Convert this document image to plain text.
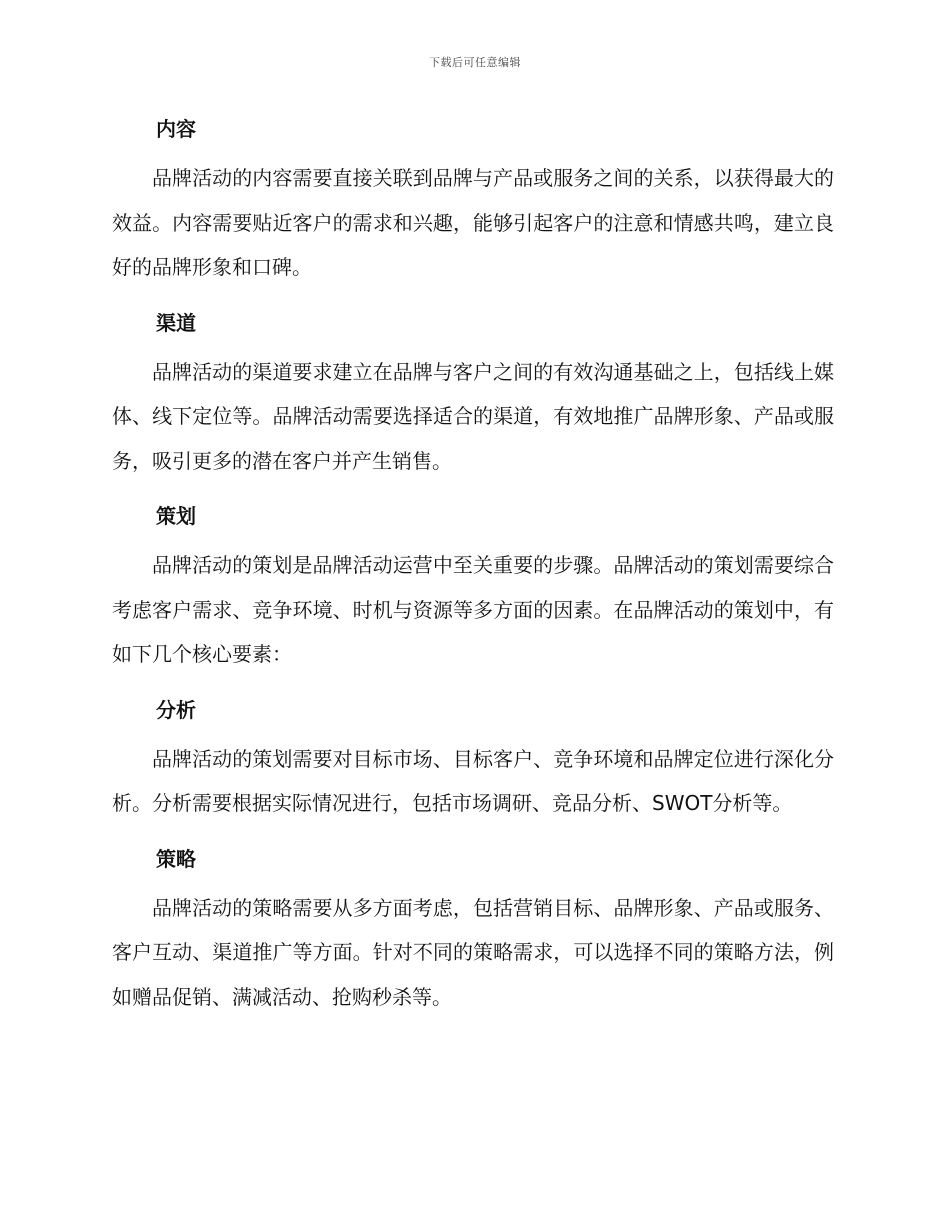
下载后可任意编辑
内容

品牌活动的内容需要直接关联到品牌与产品或服务之间的关系，以获得最大的效益。内容需要贴近客户的需求和兴趣，能够引起客户的注意和情感共鸣，建立良好的品牌形象和口碑。

渠道

品牌活动的渠道要求建立在品牌与客户之间的有效沟通基础之上，包括线上媒体、线下定位等。品牌活动需要选择适合的渠道，有效地推广品牌形象、产品或服务，吸引更多的潜在客户并产生销售。

策划

品牌活动的策划是品牌活动运营中至关重要的步骤。品牌活动的策划需要综合考虑客户需求、竞争环境、时机与资源等多方面的因素。在品牌活动的策划中，有如下几个核心要素：

分析

品牌活动的策划需要对目标市场、目标客户、竞争环境和品牌定位进行深化分析。分析需要根据实际情况进行，包括市场调研、竞品分析、SWOT分析等。

策略

品牌活动的策略需要从多方面考虑，包括营销目标、品牌形象、产品或服务、客户互动、渠道推广等方面。针对不同的策略需求，可以选择不同的策略方法，例如赠品促销、满减活动、抢购秒杀等。
